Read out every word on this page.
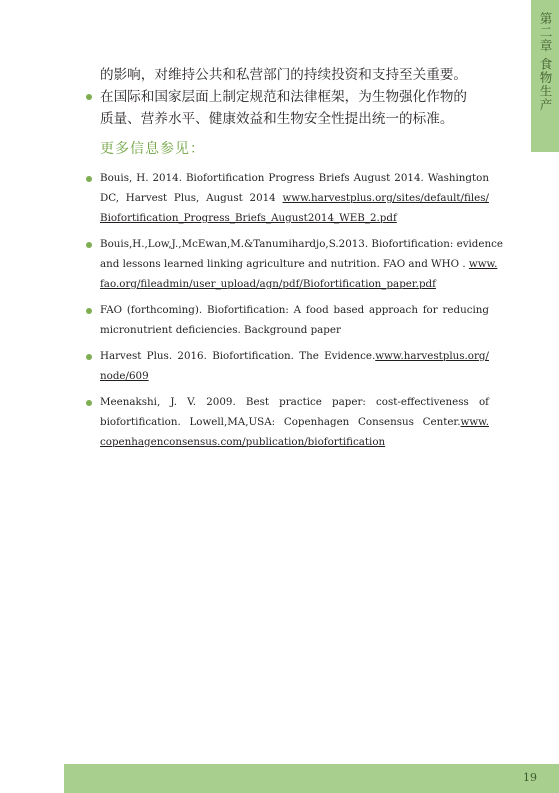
第二章 食物生产
的影响，对维持公共和私营部门的持续投资和支持至关重要。
在国际和国家层面上制定规范和法律框架，为生物强化作物的
质量、营养水平、健康效益和生物安全性提出统一的标准。
更多信息参见：
Bouis, H. 2014. Biofortification Progress Briefs August 2014. Washington
DC, Harvest Plus, August 2014 www.harvestplus.org/sites/default/files/
Biofortification_Progress_Briefs_August2014_WEB_2.pdf
Bouis,H.,Low,J.,McEwan,M.&Tanumihardjo,S.2013. Biofortification: evidence
and lessons learned linking agriculture and nutrition. FAO and WHO . www.
fao.org/fileadmin/user_upload/agn/pdf/Biofortification_paper.pdf
FAO (forthcoming). Biofortification: A food based approach for reducing
micronutrient deficiencies. Background paper
Harvest Plus. 2016. Biofortification. The Evidence.www.harvestplus.org/
node/609
Meenakshi, J. V. 2009. Best practice paper: cost-effectiveness of
biofortification. Lowell,MA,USA: Copenhagen Consensus Center.www.
copenhagenconsensus.com/publication/biofortification
19
